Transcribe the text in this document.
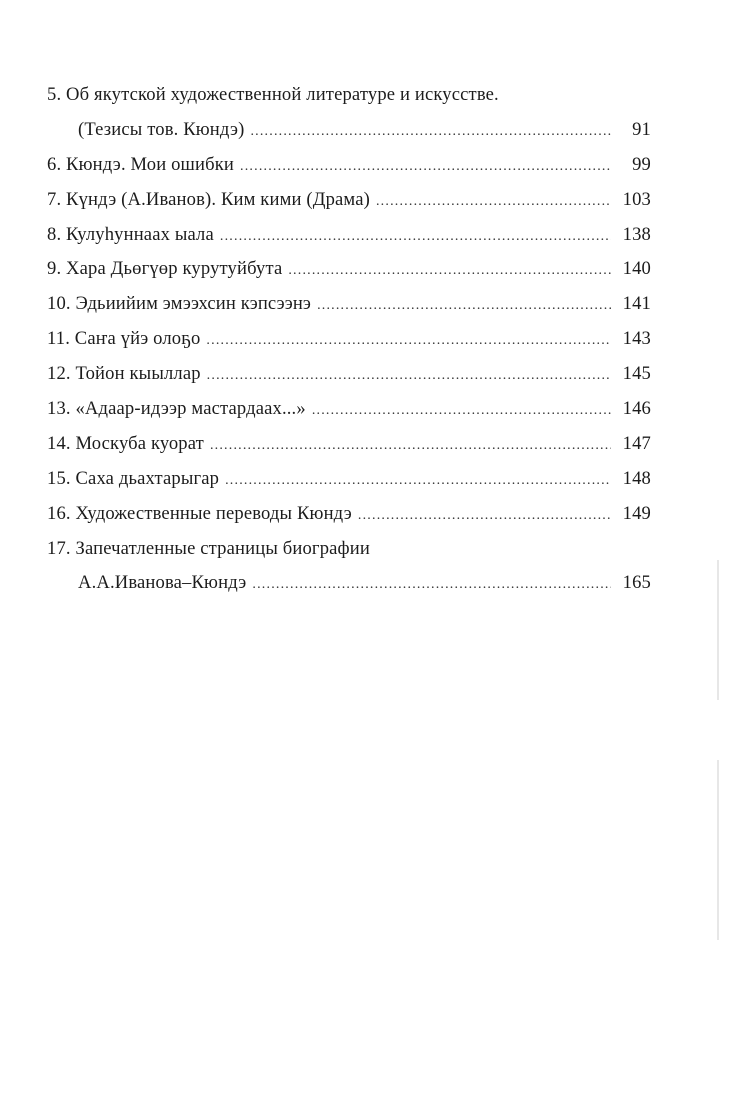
5. Об якутской художественной литературе и искусстве.
(Тезисы тов. Кюндэ) .....	91
6. Кюндэ. Мои ошибки .....	99
7. Күндэ (А.Иванов). Ким кими (Драма) .....	103
8. Кулуһуннаах ыала .....	138
9. Хара Дьөгүөр курутуйбута .....	140
10. Эдьиийим эмээхсин кэпсээнэ .....	141
11. Саҥа үйэ олоҕо .....	143
12. Тойон кыыллар .....	145
13. «Адаар-идээр мастардаах...» .....	146
14. Москуба куорат .....	147
15. Саха дьахтарыгар .....	148
16. Художественные переводы Кюндэ .....	149
17. Запечатленные страницы биографии
А.А.Иванова–Кюндэ .....	165
